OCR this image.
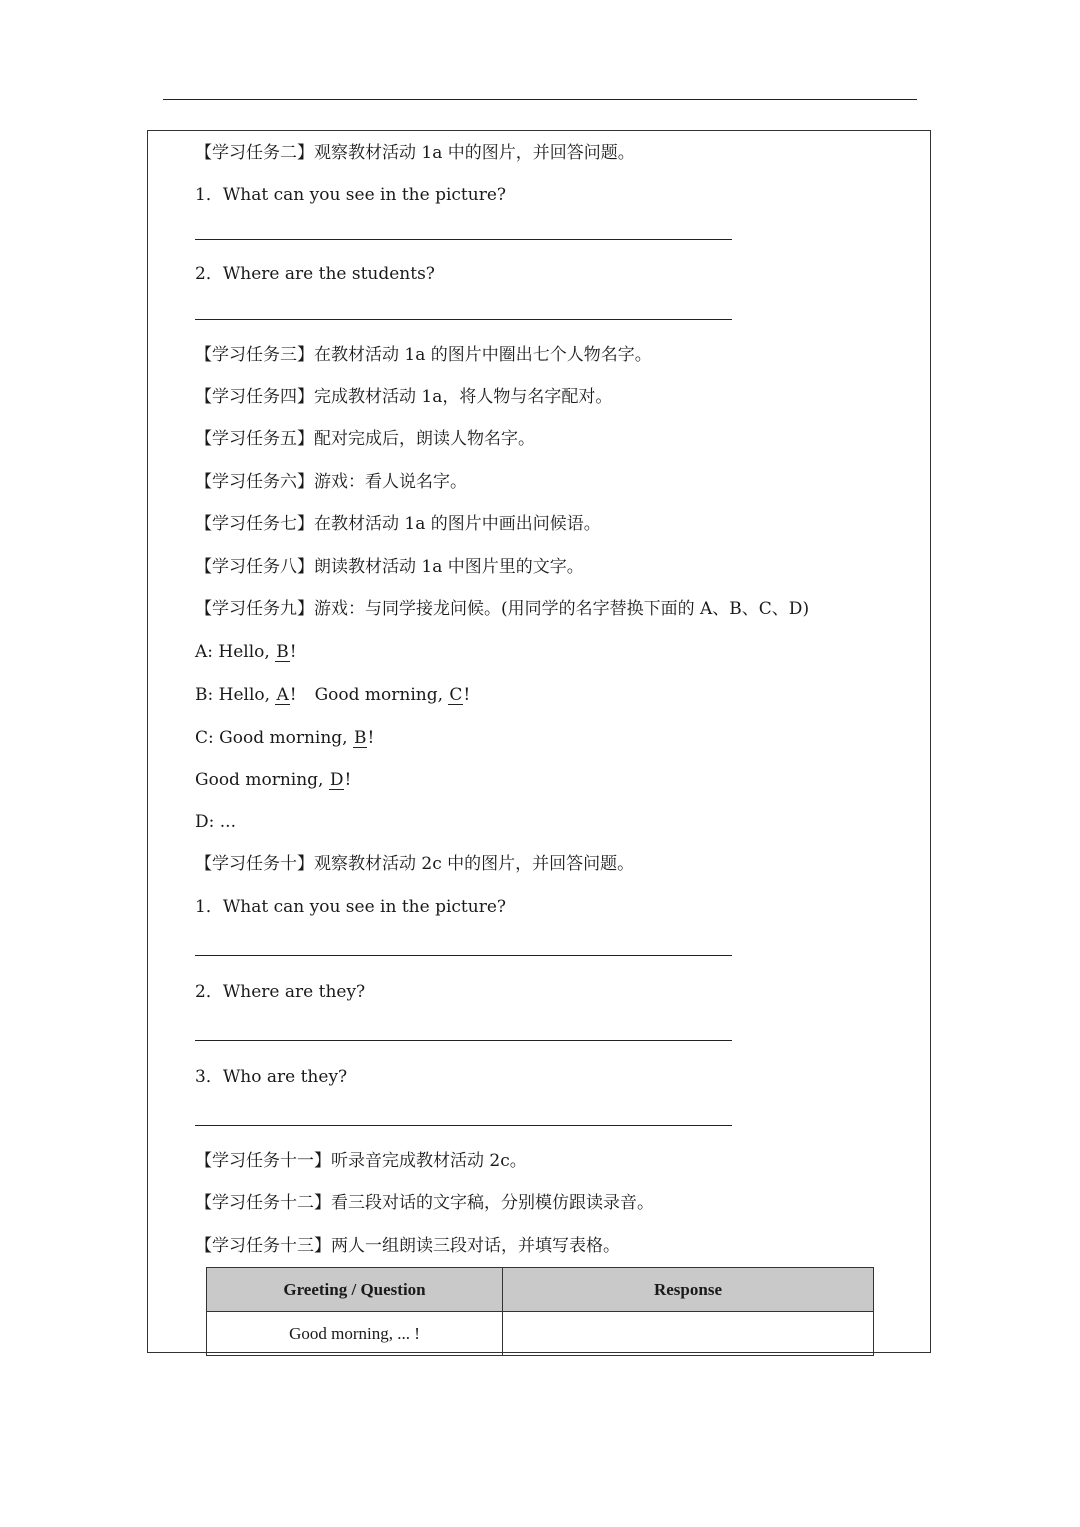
【学习任务二】观察教材活动 1a 中的图片，并回答问题。
1．What can you see in the picture?
2．Where are the students?
【学习任务三】在教材活动 1a 的图片中圈出七个人物名字。
【学习任务四】完成教材活动 1a，将人物与名字配对。
【学习任务五】配对完成后，朗读人物名字。
【学习任务六】游戏：看人说名字。
【学习任务七】在教材活动 1a 的图片中画出问候语。
【学习任务八】朗读教材活动 1a 中图片里的文字。
【学习任务九】游戏：与同学接龙问候。(用同学的名字替换下面的 A、B、C、D)
A: Hello, B!
B: Hello, A! Good morning, C!
C: Good morning, B!
Good morning, D!
D: ...
【学习任务十】观察教材活动 2c 中的图片，并回答问题。
1．What can you see in the picture?
2．Where are they?
3．Who are they?
【学习任务十一】听录音完成教材活动 2c。
【学习任务十二】看三段对话的文字稿，分别模仿跟读录音。
【学习任务十三】两人一组朗读三段对话，并填写表格。
Greeting / Question	Response
Good morning, ... !	
